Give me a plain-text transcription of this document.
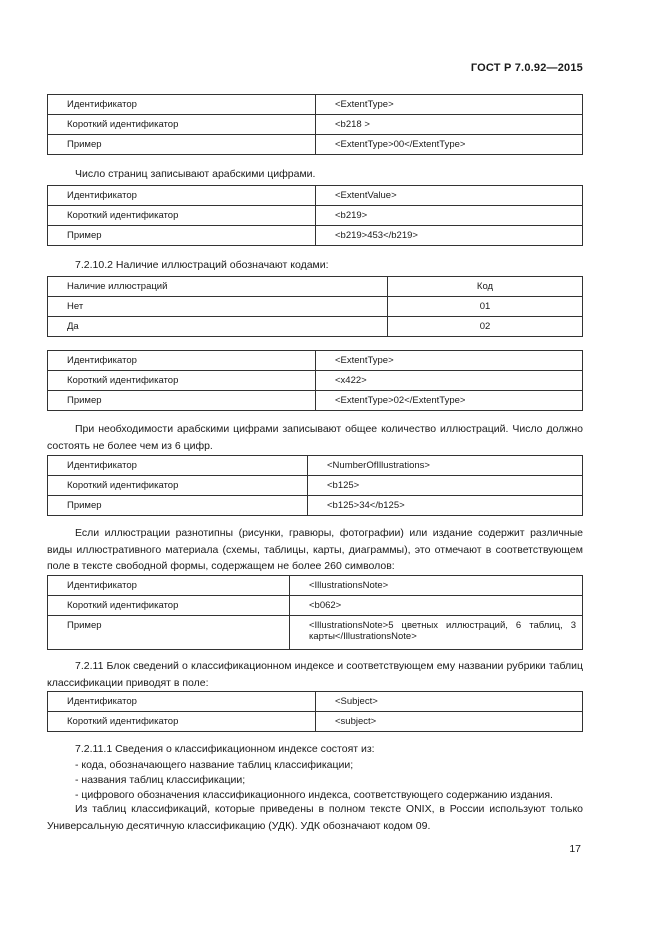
ГОСТ Р 7.0.92—2015
Идентификатор	<ExtentType>
Короткий идентификатор	<b218 >
Пример	<ExtentType>00</ExtentType>
Число страниц записывают арабскими цифрами.
Идентификатор	<ExtentValue>
Короткий идентификатор	<b219>
Пример	<b219>453</b219>
7.2.10.2 Наличие иллюстраций обозначают кодами:
Наличие иллюстраций	Код
Нет	01
Да	02
Идентификатор	<ExtentType>
Короткий идентификатор	<x422>
Пример	<ExtentType>02</ExtentType>
При необходимости арабскими цифрами записывают общее количество иллюстраций. Число должно состоять не более чем из 6 цифр.
Идентификатор	<NumberOfIllustrations>
Короткий идентификатор	<b125>
Пример	<b125>34</b125>
Если иллюстрации разнотипны (рисунки, гравюры, фотографии) или издание содержит различные виды иллюстративного материала (схемы, таблицы, карты, диаграммы), это отмечают в соответствующем поле в тексте свободной формы, содержащем не более 260 символов:
Идентификатор	<IllustrationsNote>
Короткий идентификатор	<b062>
Пример	<IllustrationsNote>5 цветных иллюстраций, 6 таблиц, 3 карты</IllustrationsNote>
7.2.11 Блок сведений о классификационном индексе и соответствующем ему названии рубрики таблиц классификации приводят в поле:
Идентификатор	<Subject>
Короткий идентификатор	<subject>
7.2.11.1 Сведения о классификационном индексе состоят из:
- кода, обозначающего название таблиц классификации;
- названия таблиц классификации;
- цифрового обозначения классификационного индекса, соответствующего содержанию издания.
Из таблиц классификаций, которые приведены в полном тексте ONIX, в России используют только Универсальную десятичную классификацию (УДК). УДК обозначают кодом 09.
17
